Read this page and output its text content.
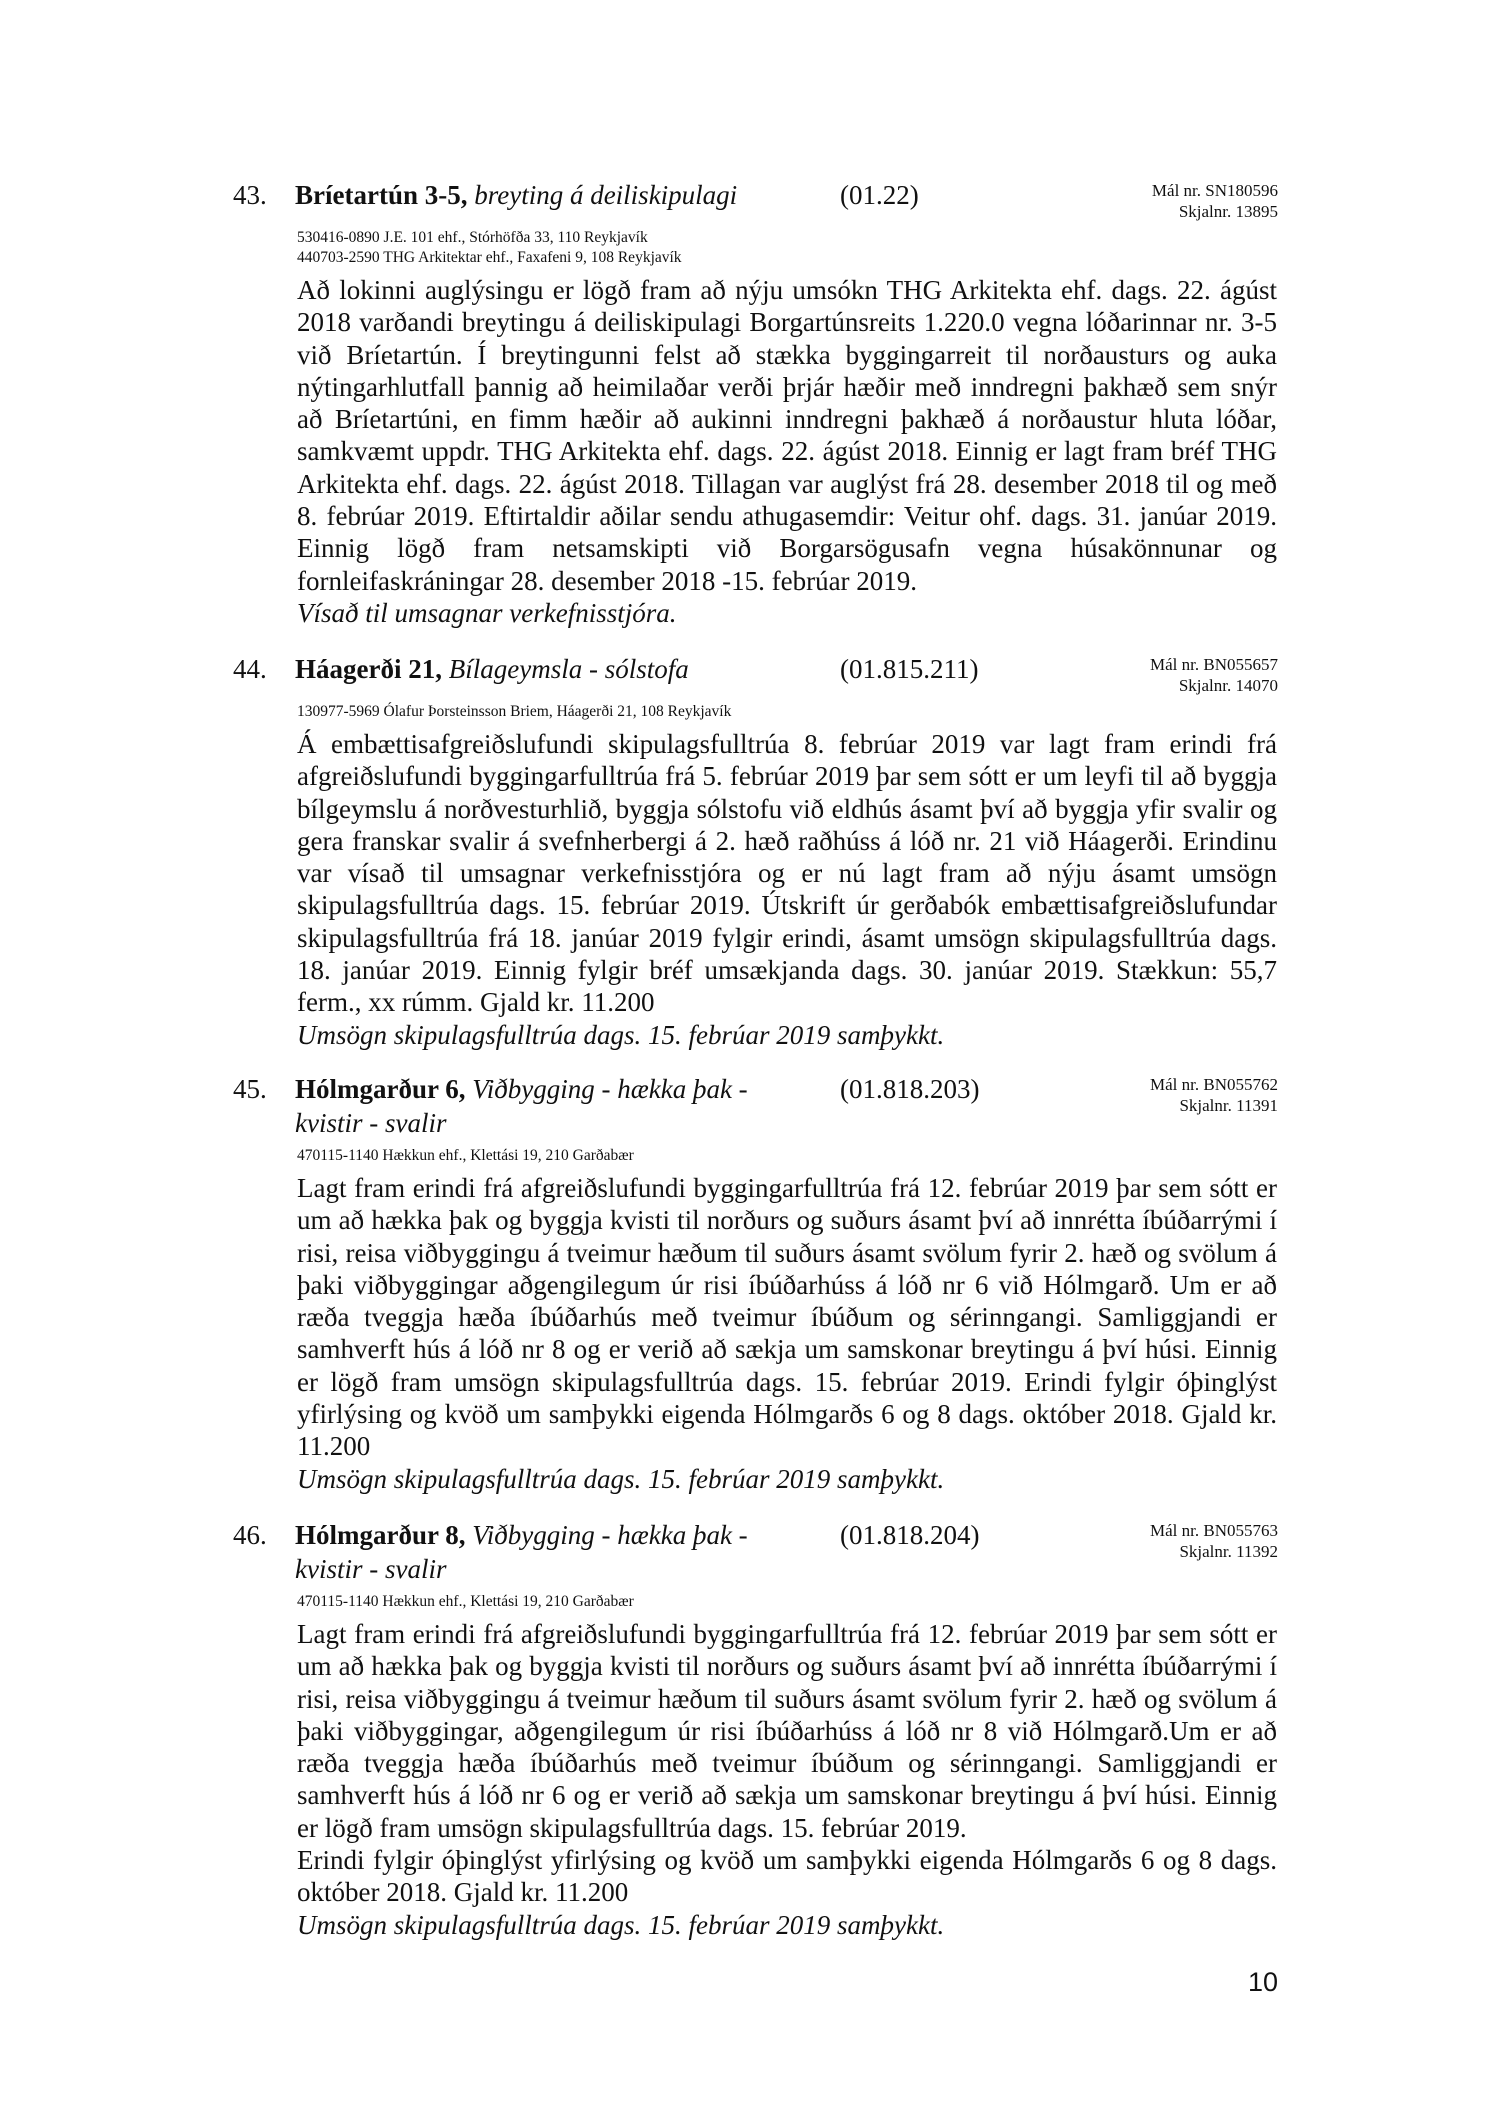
43. Bríetartún 3-5, breyting á deiliskipulagi	(01.22)	Mál nr. SN180596
Skjalnr. 13895
530416-0890 J.E. 101 ehf., Stórhöfða 33, 110 Reykjavík
440703-2590 THG Arkitektar ehf., Faxafeni 9, 108 Reykjavík

Að lokinni auglýsingu er lögð fram að nýju umsókn THG Arkitekta ehf. dags. 22. ágúst 2018 varðandi breytingu á deiliskipulagi Borgartúnsreits 1.220.0 vegna lóðarinnar nr. 3-5 við Bríetartún. Í breytingunni felst að stækka byggingarreit til norðausturs og auka nýtingarhlutfall þannig að heimilaðar verði þrjár hæðir með inndregni þakhæð sem snýr að Bríetartúni, en fimm hæðir að aukinni inndregni þakhæð á norðaustur hluta lóðar, samkvæmt uppdr. THG Arkitekta ehf. dags. 22. ágúst 2018. Einnig er lagt fram bréf THG Arkitekta ehf. dags. 22. ágúst 2018. Tillagan var auglýst frá 28. desember 2018 til og með 8. febrúar 2019. Eftirtaldir aðilar sendu athugasemdir: Veitur ohf. dags. 31. janúar 2019. Einnig lögð fram netsamskipti við Borgarsögusafn vegna húsakönnunar og fornleifaskráningar 28. desember 2018 -15. febrúar 2019.

Vísað til umsagnar verkefnisstjóra.

44. Háagerði 21, Bílageymsla - sólstofa	(01.815.211)	Mál nr. BN055657
Skjalnr. 14070
130977-5969 Ólafur Þorsteinsson Briem, Háagerði 21, 108 Reykjavík

Á embættisafgreiðslufundi skipulagsfulltrúa 8. febrúar 2019 var lagt fram erindi frá afgreiðslufundi byggingarfulltrúa frá 5. febrúar 2019 þar sem sótt er um leyfi til að byggja bílgeymslu á norðvesturhlið, byggja sólstofu við eldhús ásamt því að byggja yfir svalir og gera franskar svalir á svefnherbergi á 2. hæð raðhúss á lóð nr. 21 við Háagerði. Erindinu var vísað til umsagnar verkefnisstjóra og er nú lagt fram að nýju ásamt umsögn skipulagsfulltrúa dags. 15. febrúar 2019. Útskrift úr gerðabók embættisafgreiðslufundar skipulagsfulltrúa frá 18. janúar 2019 fylgir erindi, ásamt umsögn skipulagsfulltrúa dags. 18. janúar 2019. Einnig fylgir bréf umsækjanda dags. 30. janúar 2019. Stækkun: 55,7 ferm., xx rúmm. Gjald kr. 11.200

Umsögn skipulagsfulltrúa dags. 15. febrúar 2019 samþykkt.

45. Hólmgarður 6, Viðbygging - hækka þak - kvistir - svalir
(01.818.203)	Mál nr. BN055762
Skjalnr. 11391
470115-1140 Hækkun ehf., Klettási 19, 210 Garðabær

Lagt fram erindi frá afgreiðslufundi byggingarfulltrúa frá 12. febrúar 2019 þar sem sótt er um að hækka þak og byggja kvisti til norðurs og suðurs ásamt því að innrétta íbúðarrými í risi, reisa viðbyggingu á tveimur hæðum til suðurs ásamt svölum fyrir 2. hæð og svölum á þaki viðbyggingar aðgengilegum úr risi íbúðarhúss á lóð nr 6 við Hólmgarð. Um er að ræða tveggja hæða íbúðarhús með tveimur íbúðum og sérinngangi. Samliggjandi er samhverft hús á lóð nr 8 og er verið að sækja um samskonar breytingu á því húsi. Einnig er lögð fram umsögn skipulagsfulltrúa dags. 15. febrúar 2019. Erindi fylgir óþinglýst yfirlýsing og kvöð um samþykki eigenda Hólmgarðs 6 og 8 dags. október 2018. Gjald kr. 11.200

Umsögn skipulagsfulltrúa dags. 15. febrúar 2019 samþykkt.

46. Hólmgarður 8, Viðbygging - hækka þak - kvistir - svalir
(01.818.204)	Mál nr. BN055763
Skjalnr. 11392
470115-1140 Hækkun ehf., Klettási 19, 210 Garðabær

Lagt fram erindi frá afgreiðslufundi byggingarfulltrúa frá 12. febrúar 2019 þar sem sótt er um að hækka þak og byggja kvisti til norðurs og suðurs ásamt því að innrétta íbúðarrými í risi, reisa viðbyggingu á tveimur hæðum til suðurs ásamt svölum fyrir 2. hæð og svölum á þaki viðbyggingar, aðgengilegum úr risi íbúðarhúss á lóð nr 8 við Hólmgarð.Um er að ræða tveggja hæða íbúðarhús með tveimur íbúðum og sérinngangi. Samliggjandi er samhverft hús á lóð nr 6 og er verið að sækja um samskonar breytingu á því húsi. Einnig er lögð fram umsögn skipulagsfulltrúa dags. 15. febrúar 2019.

Erindi fylgir óþinglýst yfirlýsing og kvöð um samþykki eigenda Hólmgarðs 6 og 8 dags. október 2018. Gjald kr. 11.200

Umsögn skipulagsfulltrúa dags. 15. febrúar 2019 samþykkt.

10
